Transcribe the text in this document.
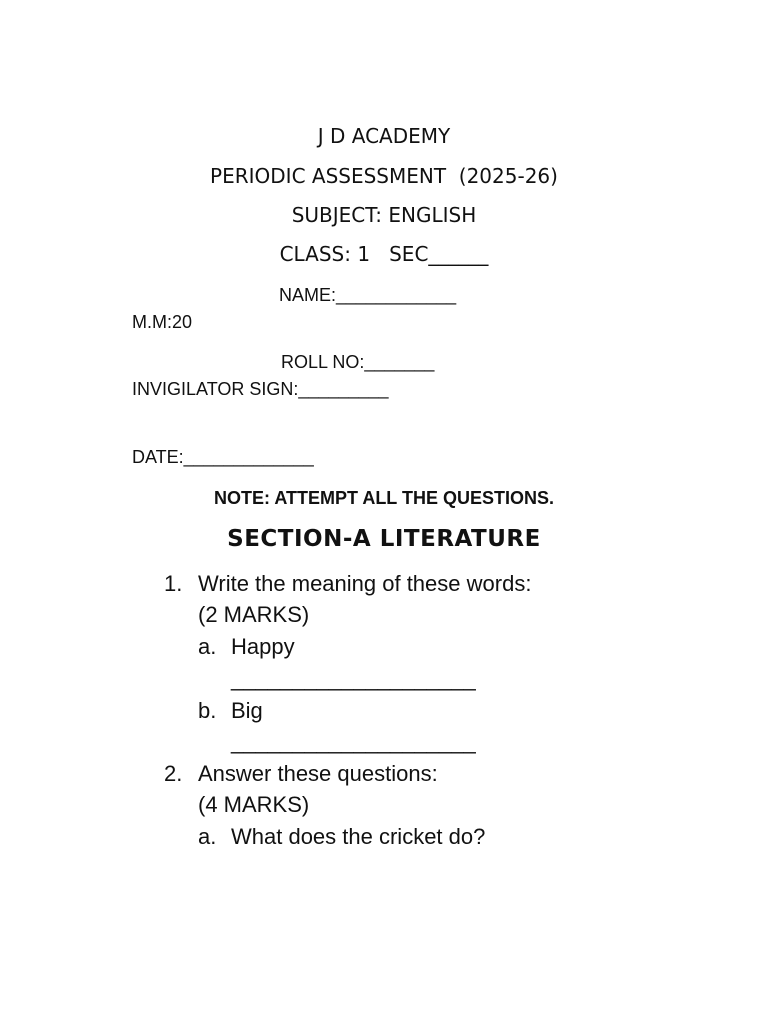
J D ACADEMY
PERIODIC ASSESSMENT  (2025-26)
SUBJECT: ENGLISH
CLASS: 1   SEC______
NAME:____________
M.M:20
ROLL NO:_______
INVIGILATOR SIGN:_________
DATE:_____________
NOTE: ATTEMPT ALL THE QUESTIONS.
SECTION-A LITERATURE
1. Write the meaning of these words:
(2 MARKS)
a. Happy
____________________
b. Big
____________________
2. Answer these questions:
(4 MARKS)
a. What does the cricket do?
